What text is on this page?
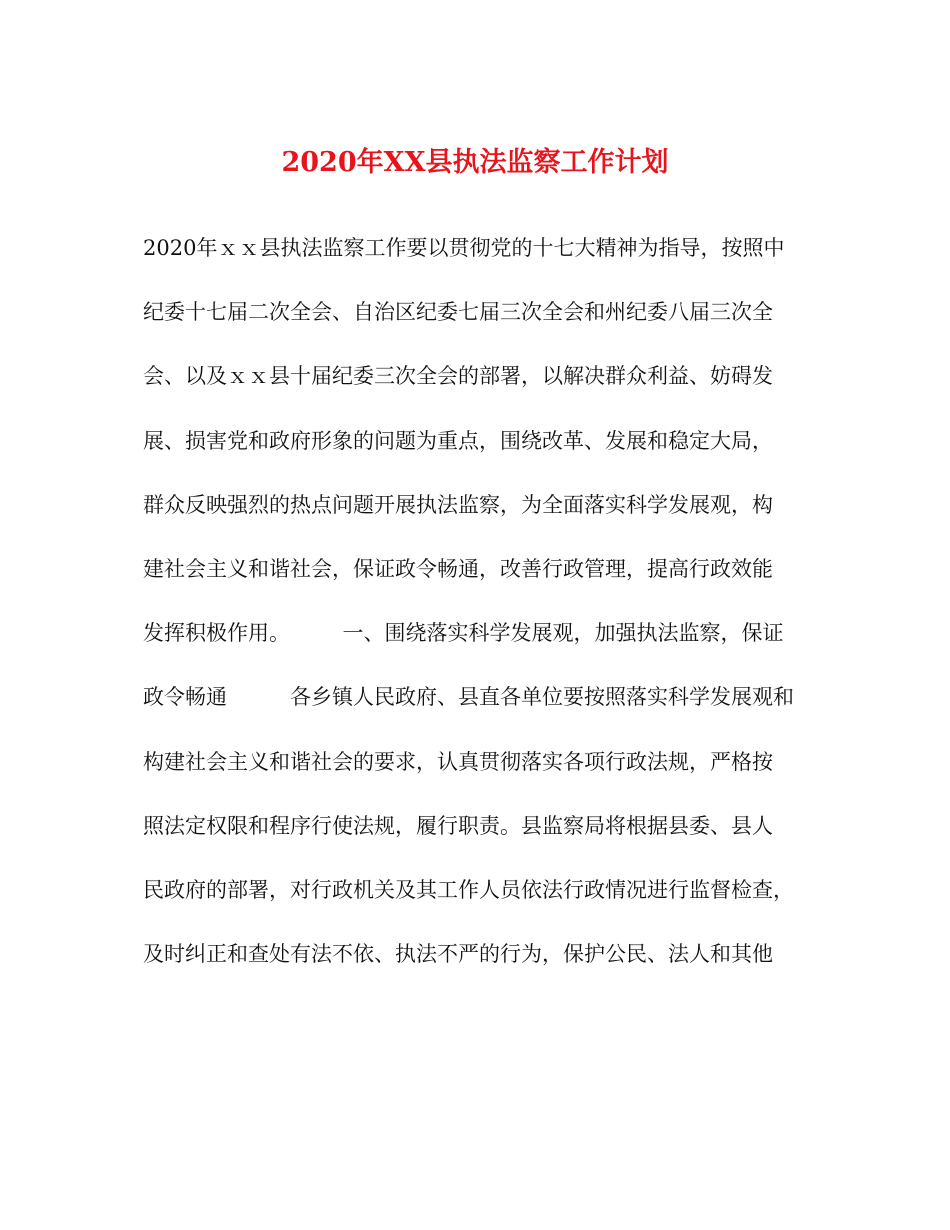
2020年XX县执法监察工作计划
2020年ｘｘ县执法监察工作要以贯彻党的十七大精神为指导，按照中
纪委十七届二次全会、自治区纪委七届三次全会和州纪委八届三次全
会、以及ｘｘ县十届纪委三次全会的部署，以解决群众利益、妨碍发
展、损害党和政府形象的问题为重点，围绕改革、发展和稳定大局，
群众反映强烈的热点问题开展执法监察，为全面落实科学发展观，构
建社会主义和谐社会，保证政令畅通，改善行政管理，提高行政效能
发挥积极作用。　　　一、围绕落实科学发展观，加强执法监察，保证
政令畅通　　　各乡镇人民政府、县直各单位要按照落实科学发展观和
构建社会主义和谐社会的要求，认真贯彻落实各项行政法规，严格按
照法定权限和程序行使法规，履行职责。县监察局将根据县委、县人
民政府的部署，对行政机关及其工作人员依法行政情况进行监督检查，
及时纠正和查处有法不依、执法不严的行为，保护公民、法人和其他
